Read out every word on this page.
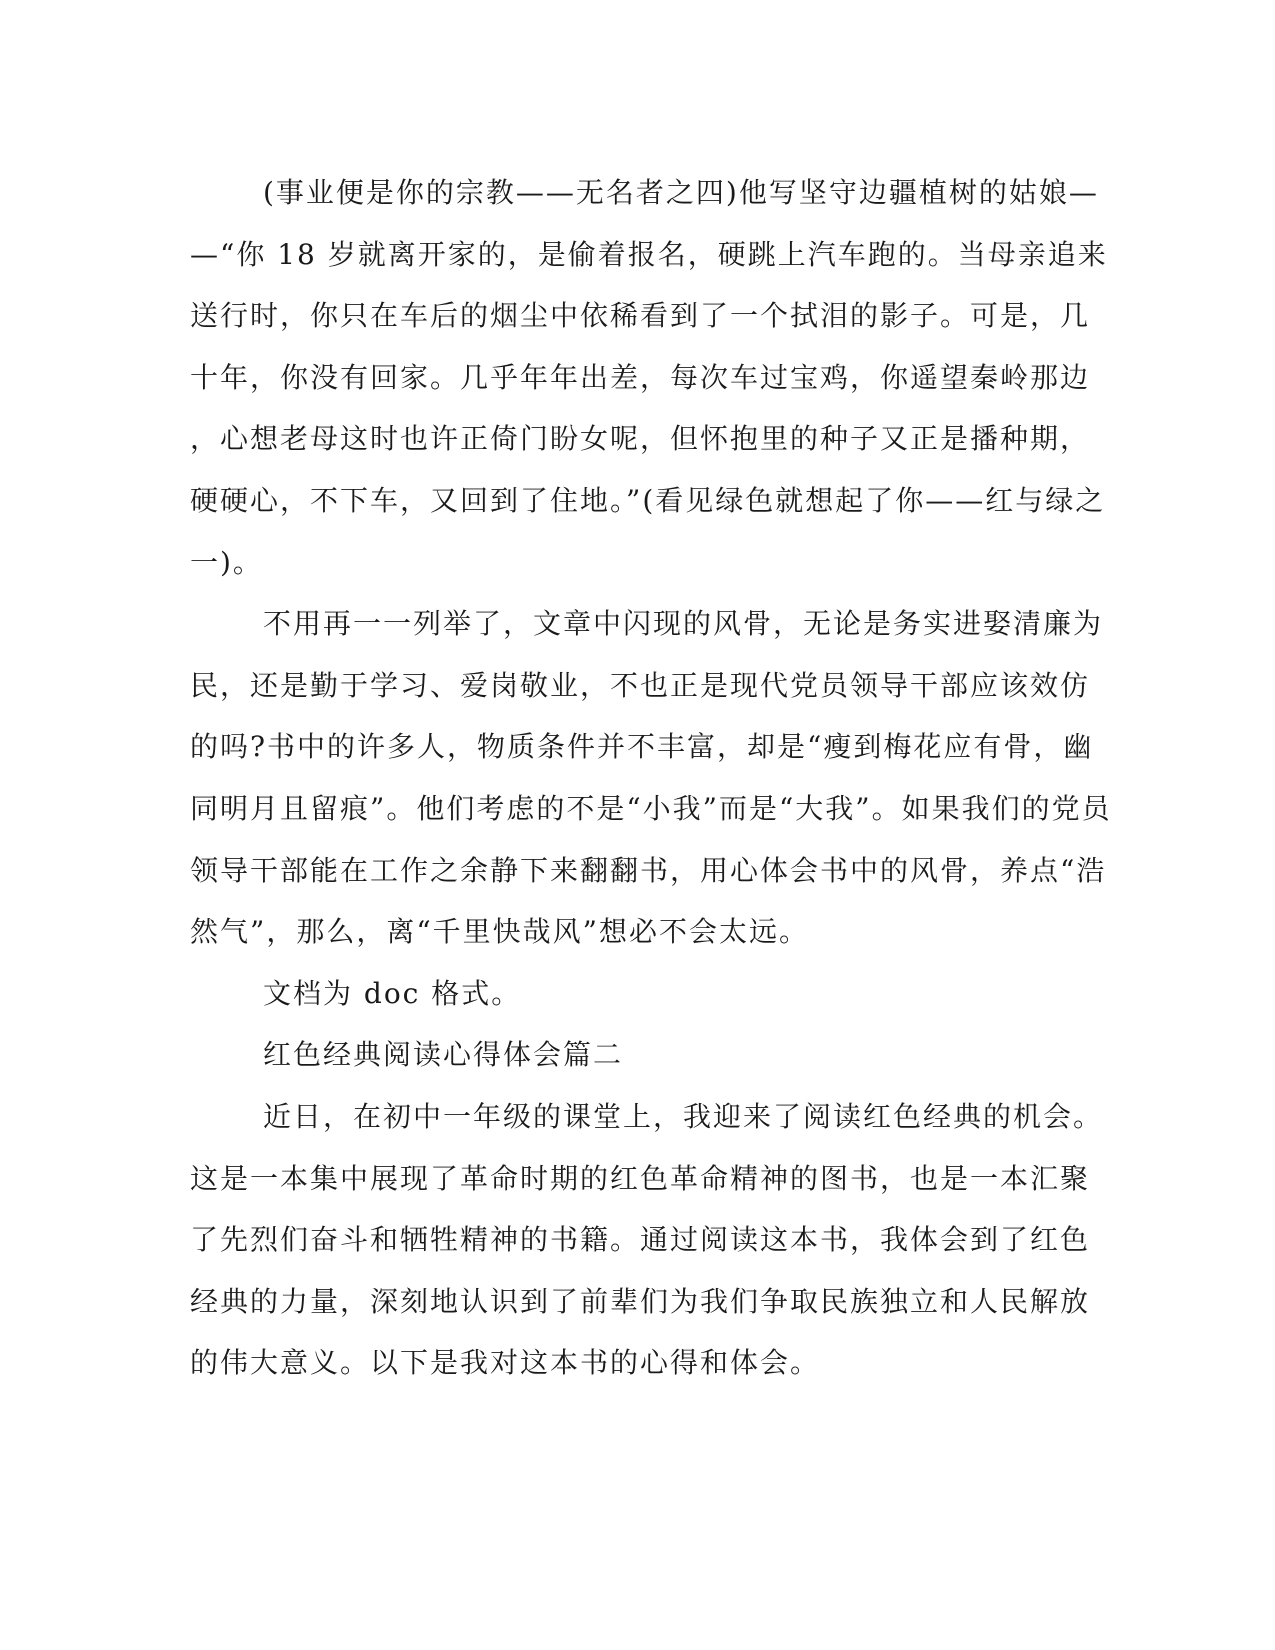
(事业便是你的宗教——无名者之四)他写坚守边疆植树的姑娘—
—“你 18 岁就离开家的，是偷着报名，硬跳上汽车跑的。当母亲追来
送行时，你只在车后的烟尘中依稀看到了一个拭泪的影子。可是，几
十年，你没有回家。几乎年年出差，每次车过宝鸡，你遥望秦岭那边
，心想老母这时也许正倚门盼女呢，但怀抱里的种子又正是播种期，
硬硬心，不下车，又回到了住地。”(看见绿色就想起了你——红与绿之
一)。
不用再一一列举了，文章中闪现的风骨，无论是务实进娶清廉为
民，还是勤于学习、爱岗敬业，不也正是现代党员领导干部应该效仿
的吗?书中的许多人，物质条件并不丰富，却是“瘦到梅花应有骨，幽
同明月且留痕”。他们考虑的不是“小我”而是“大我”。如果我们的党员
领导干部能在工作之余静下来翻翻书，用心体会书中的风骨，养点“浩
然气”，那么，离“千里快哉风”想必不会太远。
文档为 doc 格式。
红色经典阅读心得体会篇二
近日，在初中一年级的课堂上，我迎来了阅读红色经典的机会。
这是一本集中展现了革命时期的红色革命精神的图书，也是一本汇聚
了先烈们奋斗和牺牲精神的书籍。通过阅读这本书，我体会到了红色
经典的力量，深刻地认识到了前辈们为我们争取民族独立和人民解放
的伟大意义。以下是我对这本书的心得和体会。
